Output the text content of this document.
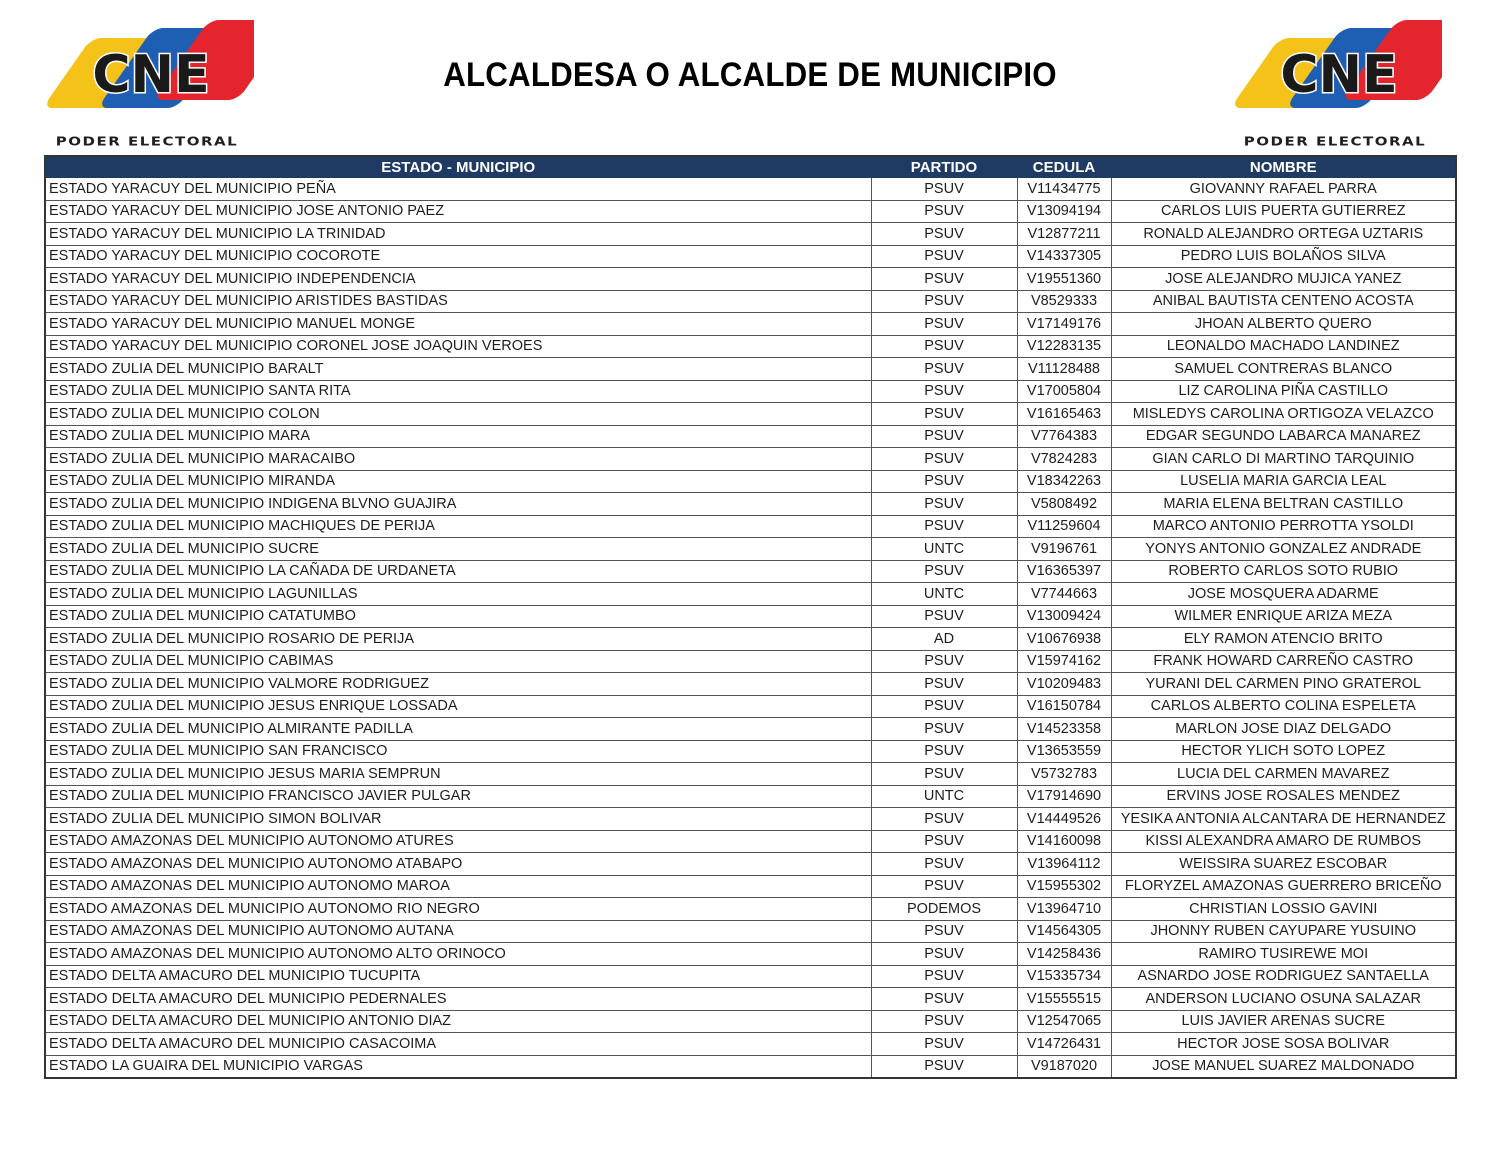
CNE
PODER ELECTORAL
ALCALDESA O ALCALDE DE MUNICIPIO	CNE
PODER ELECTORAL
ESTADO - MUNICIPIO	PARTIDO	CEDULA	NOMBRE
ESTADO YARACUY DEL MUNICIPIO PEÑA	PSUV	V11434775	GIOVANNY RAFAEL PARRA
ESTADO YARACUY DEL MUNICIPIO JOSE ANTONIO PAEZ	PSUV	V13094194	CARLOS LUIS PUERTA GUTIERREZ
ESTADO YARACUY DEL MUNICIPIO LA TRINIDAD	PSUV	V12877211	RONALD ALEJANDRO ORTEGA UZTARIS
ESTADO YARACUY DEL MUNICIPIO COCOROTE	PSUV	V14337305	PEDRO LUIS BOLAÑOS SILVA
ESTADO YARACUY DEL MUNICIPIO INDEPENDENCIA	PSUV	V19551360	JOSE ALEJANDRO MUJICA YANEZ
ESTADO YARACUY DEL MUNICIPIO ARISTIDES BASTIDAS	PSUV	V8529333	ANIBAL BAUTISTA CENTENO ACOSTA
ESTADO YARACUY DEL MUNICIPIO MANUEL MONGE	PSUV	V17149176	JHOAN ALBERTO QUERO
ESTADO YARACUY DEL MUNICIPIO CORONEL JOSE JOAQUIN VEROES	PSUV	V12283135	LEONALDO MACHADO LANDINEZ
ESTADO ZULIA DEL MUNICIPIO BARALT	PSUV	V11128488	SAMUEL CONTRERAS BLANCO
ESTADO ZULIA DEL MUNICIPIO SANTA RITA	PSUV	V17005804	LIZ CAROLINA PIÑA CASTILLO
ESTADO ZULIA DEL MUNICIPIO COLON	PSUV	V16165463	MISLEDYS CAROLINA ORTIGOZA VELAZCO
ESTADO ZULIA DEL MUNICIPIO MARA	PSUV	V7764383	EDGAR SEGUNDO LABARCA MANAREZ
ESTADO ZULIA DEL MUNICIPIO MARACAIBO	PSUV	V7824283	GIAN CARLO DI MARTINO TARQUINIO
ESTADO ZULIA DEL MUNICIPIO MIRANDA	PSUV	V18342263	LUSELIA MARIA GARCIA LEAL
ESTADO ZULIA DEL MUNICIPIO INDIGENA BLVNO GUAJIRA	PSUV	V5808492	MARIA ELENA BELTRAN CASTILLO
ESTADO ZULIA DEL MUNICIPIO MACHIQUES DE PERIJA	PSUV	V11259604	MARCO ANTONIO PERROTTA YSOLDI
ESTADO ZULIA DEL MUNICIPIO SUCRE	UNTC	V9196761	YONYS ANTONIO GONZALEZ ANDRADE
ESTADO ZULIA DEL MUNICIPIO LA CAÑADA DE URDANETA	PSUV	V16365397	ROBERTO CARLOS SOTO RUBIO
ESTADO ZULIA DEL MUNICIPIO LAGUNILLAS	UNTC	V7744663	JOSE MOSQUERA ADARME
ESTADO ZULIA DEL MUNICIPIO CATATUMBO	PSUV	V13009424	WILMER ENRIQUE ARIZA MEZA
ESTADO ZULIA DEL MUNICIPIO ROSARIO DE PERIJA	AD	V10676938	ELY RAMON ATENCIO BRITO
ESTADO ZULIA DEL MUNICIPIO CABIMAS	PSUV	V15974162	FRANK HOWARD CARREÑO CASTRO
ESTADO ZULIA DEL MUNICIPIO VALMORE RODRIGUEZ	PSUV	V10209483	YURANI DEL CARMEN PINO GRATEROL
ESTADO ZULIA DEL MUNICIPIO JESUS ENRIQUE LOSSADA	PSUV	V16150784	CARLOS ALBERTO COLINA ESPELETA
ESTADO ZULIA DEL MUNICIPIO ALMIRANTE PADILLA	PSUV	V14523358	MARLON JOSE DIAZ DELGADO
ESTADO ZULIA DEL MUNICIPIO SAN FRANCISCO	PSUV	V13653559	HECTOR YLICH SOTO LOPEZ
ESTADO ZULIA DEL MUNICIPIO JESUS MARIA SEMPRUN	PSUV	V5732783	LUCIA DEL CARMEN MAVAREZ
ESTADO ZULIA DEL MUNICIPIO FRANCISCO JAVIER PULGAR	UNTC	V17914690	ERVINS JOSE ROSALES MENDEZ
ESTADO ZULIA DEL MUNICIPIO SIMON BOLIVAR	PSUV	V14449526	YESIKA ANTONIA ALCANTARA DE HERNANDEZ
ESTADO AMAZONAS DEL MUNICIPIO AUTONOMO ATURES	PSUV	V14160098	KISSI ALEXANDRA AMARO DE RUMBOS
ESTADO AMAZONAS DEL MUNICIPIO AUTONOMO ATABAPO	PSUV	V13964112	WEISSIRA SUAREZ ESCOBAR
ESTADO AMAZONAS DEL MUNICIPIO AUTONOMO MAROA	PSUV	V15955302	FLORYZEL AMAZONAS GUERRERO BRICEÑO
ESTADO AMAZONAS DEL MUNICIPIO AUTONOMO RIO NEGRO	PODEMOS	V13964710	CHRISTIAN LOSSIO GAVINI
ESTADO AMAZONAS DEL MUNICIPIO AUTONOMO AUTANA	PSUV	V14564305	JHONNY RUBEN CAYUPARE YUSUINO
ESTADO AMAZONAS DEL MUNICIPIO AUTONOMO ALTO ORINOCO	PSUV	V14258436	RAMIRO TUSIREWE MOI
ESTADO DELTA AMACURO DEL MUNICIPIO TUCUPITA	PSUV	V15335734	ASNARDO JOSE RODRIGUEZ SANTAELLA
ESTADO DELTA AMACURO DEL MUNICIPIO PEDERNALES	PSUV	V15555515	ANDERSON LUCIANO OSUNA SALAZAR
ESTADO DELTA AMACURO DEL MUNICIPIO ANTONIO DIAZ	PSUV	V12547065	LUIS JAVIER ARENAS SUCRE
ESTADO DELTA AMACURO DEL MUNICIPIO CASACOIMA	PSUV	V14726431	HECTOR JOSE SOSA BOLIVAR
ESTADO LA GUAIRA DEL MUNICIPIO VARGAS	PSUV	V9187020	JOSE MANUEL SUAREZ MALDONADO
